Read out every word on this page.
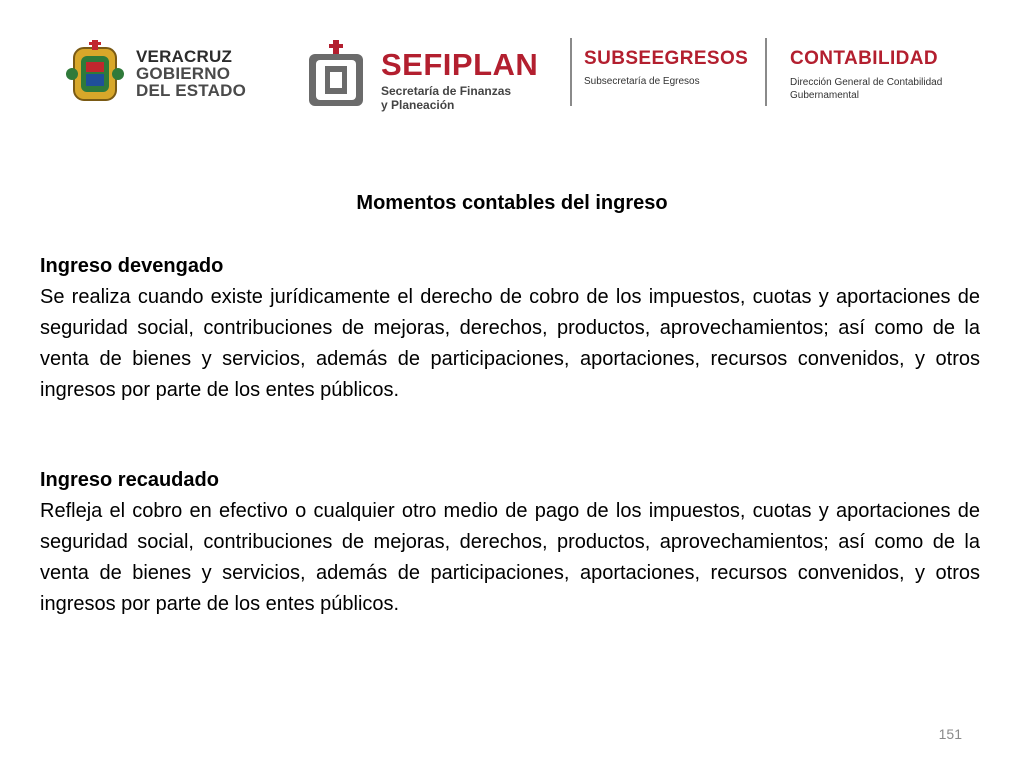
VERACRUZ
GOBIERNO
DEL ESTADO
SEFIPLAN
Secretaría de Finanzas
y Planeación
SUBSEEGRESOS
Subsecretaría de Egresos
CONTABILIDAD
Dirección General de Contabilidad
Gubernamental
Momentos contables del ingreso
Ingreso devengado

Se realiza cuando existe jurídicamente el derecho de cobro de los impuestos, cuotas y aportaciones de seguridad social, contribuciones de mejoras, derechos, productos, aprovechamientos; así como de la venta de bienes y servicios, además de participaciones, aportaciones, recursos convenidos, y otros ingresos por parte de los entes públicos.

Ingreso recaudado

Refleja el cobro en efectivo o cualquier otro medio de pago de los impuestos, cuotas y aportaciones de seguridad social, contribuciones de mejoras, derechos, productos, aprovechamientos; así como de la venta de bienes y servicios, además de participaciones, aportaciones, recursos convenidos, y otros ingresos por parte de los entes públicos.

151
